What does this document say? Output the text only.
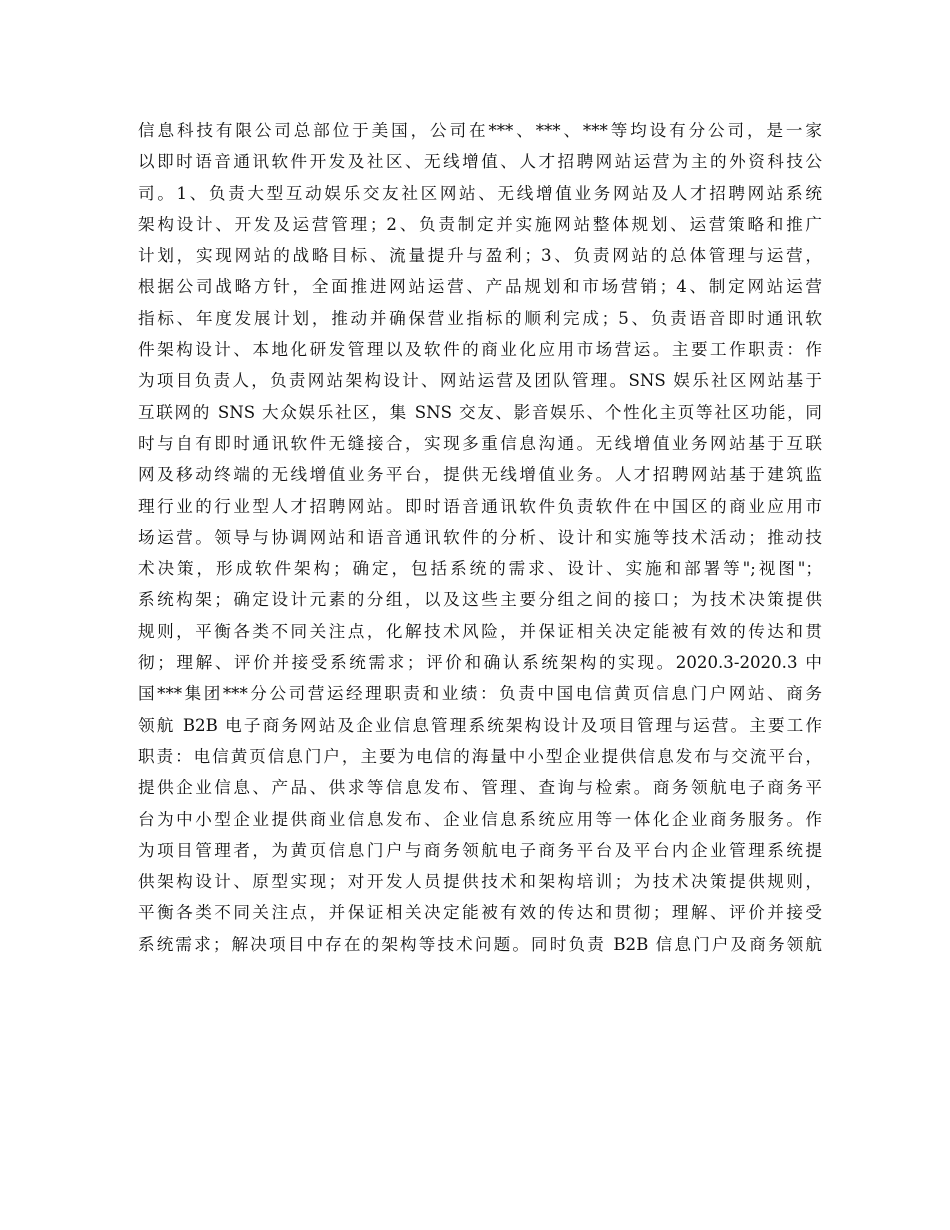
信息科技有限公司总部位于美国，公司在***、***、***等均设有分公司，是一家
以即时语音通讯软件开发及社区、无线增值、人才招聘网站运营为主的外资科技公
司。1、负责大型互动娱乐交友社区网站、无线增值业务网站及人才招聘网站系统
架构设计、开发及运营管理；2、负责制定并实施网站整体规划、运营策略和推广
计划，实现网站的战略目标、流量提升与盈利；3、负责网站的总体管理与运营，
根据公司战略方针，全面推进网站运营、产品规划和市场营销；4、制定网站运营
指标、年度发展计划，推动并确保营业指标的顺利完成；5、负责语音即时通讯软
件架构设计、本地化研发管理以及软件的商业化应用市场营运。主要工作职责：作
为项目负责人，负责网站架构设计、网站运营及团队管理。SNS 娱乐社区网站基于
互联网的 SNS 大众娱乐社区，集 SNS 交友、影音娱乐、个性化主页等社区功能，同
时与自有即时通讯软件无缝接合，实现多重信息沟通。无线增值业务网站基于互联
网及移动终端的无线增值业务平台，提供无线增值业务。人才招聘网站基于建筑监
理行业的行业型人才招聘网站。即时语音通讯软件负责软件在中国区的商业应用市
场运营。领导与协调网站和语音通讯软件的分析、设计和实施等技术活动；推动技
术决策，形成软件架构；确定，包括系统的需求、设计、实施和部署等";视图"；
系统构架；确定设计元素的分组，以及这些主要分组之间的接口；为技术决策提供
规则，平衡各类不同关注点，化解技术风险，并保证相关决定能被有效的传达和贯
彻；理解、评价并接受系统需求；评价和确认系统架构的实现。2020.3-2020.3 中
国***集团***分公司营运经理职责和业绩：负责中国电信黄页信息门户网站、商务
领航 B2B 电子商务网站及企业信息管理系统架构设计及项目管理与运营。主要工作
职责：电信黄页信息门户，主要为电信的海量中小型企业提供信息发布与交流平台，
提供企业信息、产品、供求等信息发布、管理、查询与检索。商务领航电子商务平
台为中小型企业提供商业信息发布、企业信息系统应用等一体化企业商务服务。作
为项目管理者，为黄页信息门户与商务领航电子商务平台及平台内企业管理系统提
供架构设计、原型实现；对开发人员提供技术和架构培训；为技术决策提供规则，
平衡各类不同关注点，并保证相关决定能被有效的传达和贯彻；理解、评价并接受
系统需求；解决项目中存在的架构等技术问题。同时负责 B2B 信息门户及商务领航
